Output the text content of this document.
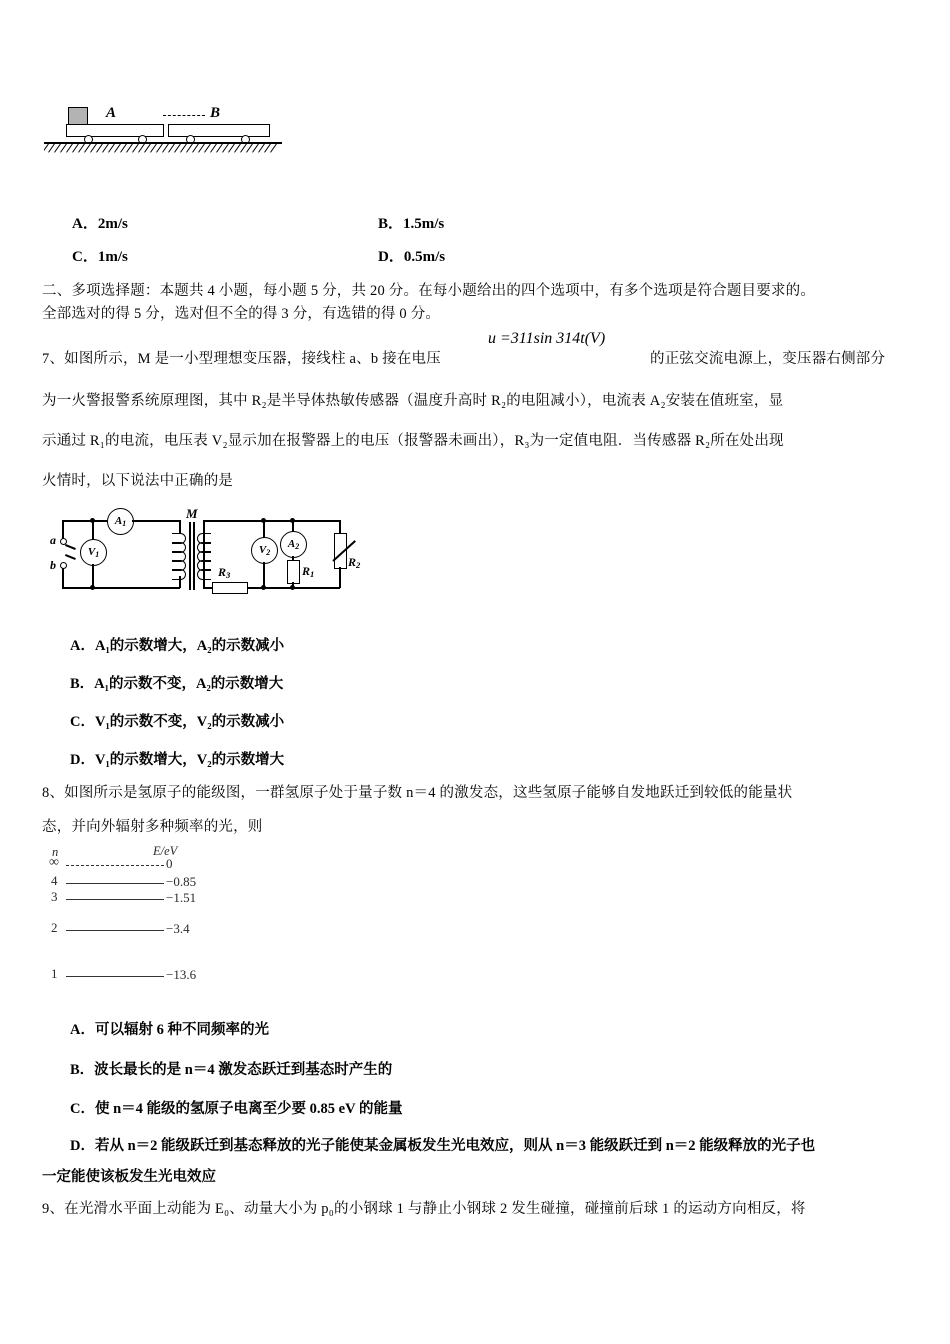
A	B
A．2m/s	B．1.5m/s
C．1m/s	D．0.5m/s
二、多项选择题：本题共 4 小题，每小题 5 分，共 20 分。在每小题给出的四个选项中，有多个选项是符合题目要求的。
全部选对的得 5 分，选对但不全的得 3 分，有选错的得 0 分。
7、如图所示，M 是一小型理想变压器，接线柱 a、b 接在电压
u =311sin 314t(V)
的正弦交流电源上，变压器右侧部分
为一火警报警系统原理图，其中 R₂是半导体热敏传感器（温度升高时 R₂的电阻减小），电流表 A₂安装在值班室，显
示通过 R₁的电流，电压表 V₂显示加在报警器上的电压（报警器未画出），R₃为一定值电阻．当传感器 R₂所在处出现
火情时，以下说法中正确的是
$A_1$
a
b
$V_1$
M
$R_3$
$V_2$
$A_2$
$R_1$
$R_2$
A．A₁的示数增大，A₂的示数减小
B．A₁的示数不变，A₂的示数增大
C．V₁的示数不变，V₂的示数减小
D．V₁的示数增大，V₂的示数增大
8、如图所示是氢原子的能级图，一群氢原子处于量子数 n＝4 的激发态，这些氢原子能够自发地跃迁到较低的能量状
态，并向外辐射多种频率的光，则
n	E/eV
∞	0
4	−0.85
3	−1.51
2	−3.4
1	−13.6
A．可以辐射 6 种不同频率的光
B．波长最长的是 n＝4 激发态跃迁到基态时产生的
C．使 n＝4 能级的氢原子电离至少要 0.85 eV 的能量
D．若从 n＝2 能级跃迁到基态释放的光子能使某金属板发生光电效应，则从 n＝3 能级跃迁到 n＝2 能级释放的光子也
一定能使该板发生光电效应
9、在光滑水平面上动能为 E₀、动量大小为 p₀的小钢球 1 与静止小钢球 2 发生碰撞，碰撞前后球 1 的运动方向相反，将
